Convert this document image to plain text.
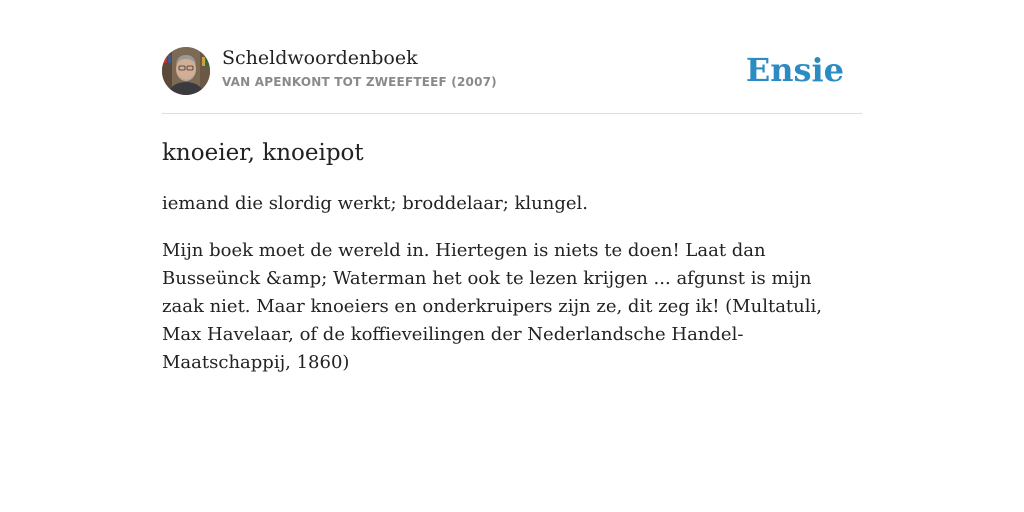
Scheldwoordenboek
VAN APENKONT TOT ZWEEFTEEF (2007)	Ensie
knoeier, knoeipot
iemand die slordig werkt; broddelaar; klungel.
Mijn boek moet de wereld in. Hiertegen is niets te doen! Laat dan Busseünck &amp; Waterman het ook te lezen krijgen ... afgunst is mijn zaak niet. Maar knoeiers en onderkruipers zijn ze, dit zeg ik! (Multatuli, Max Havelaar, of de koffieveilingen der Nederlandsche Handel-Maatschappij, 1860)
